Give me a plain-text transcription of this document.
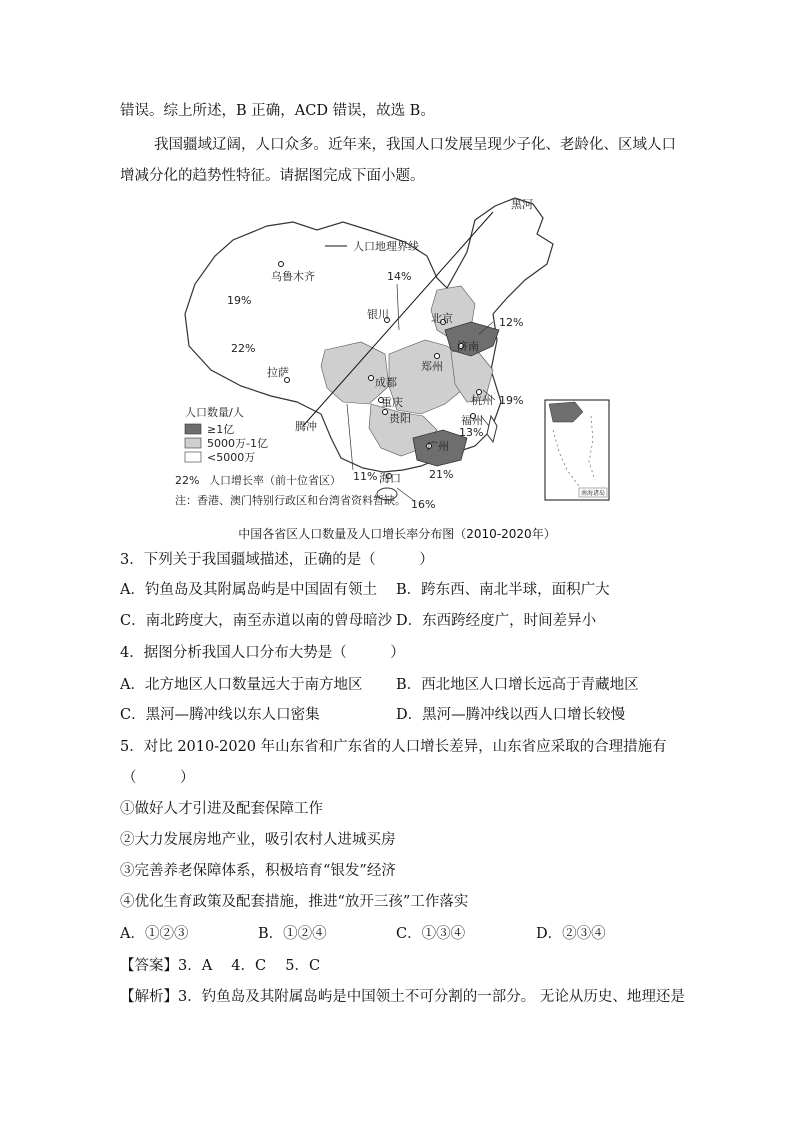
错误。综上所述，B 正确，ACD 错误，故选 B。
我国疆域辽阔，人口众多。近年来，我国人口发展呈现少子化、老龄化、区域人口
增减分化的趋势性特征。请据图完成下面小题。
黑河
人口地理界线
乌鲁木齐	14%
19%
银川	北京	12%
济南
22%
郑州
拉萨
成都
杭州 19%
重庆
贵阳	福州
13%
腾冲
广州
21%
11% 海口
16%
人口数量/人
≥1亿
5000万-1亿
<5000万
22% 人口增长率（前十位省区）
注：香港、澳门特别行政区和台湾省资料暂缺。
南海诸岛
中国各省区人口数量及人口增长率分布图（2010-2020年）
3．下列关于我国疆域描述，正确的是（　　　）
A．钓鱼岛及其附属岛屿是中国固有领土 B．跨东西、南北半球，面积广大
C．南北跨度大，南至赤道以南的曾母暗沙 D．东西跨经度广，时间差异小
4．据图分析我国人口分布大势是（　　　）
A．北方地区人口数量远大于南方地区 B．西北地区人口增长远高于青藏地区
C．黑河—腾冲线以东人口密集	D．黑河—腾冲线以西人口增长较慢
5．对比 2010-2020 年山东省和广东省的人口增长差异，山东省应采取的合理措施有
（　　　）
①做好人才引进及配套保障工作
②大力发展房地产业，吸引农村人进城买房
③完善养老保障体系，积极培育“银发”经济
④优化生育政策及配套措施，推进“放开三孩”工作落实
A．①②③	B．①②④	C．①③④	D．②③④
【答案】3．A　 4．C　 5．C
【解析】3．钓鱼岛及其附属岛屿是中国领土不可分割的一部分。 无论从历史、地理还是
